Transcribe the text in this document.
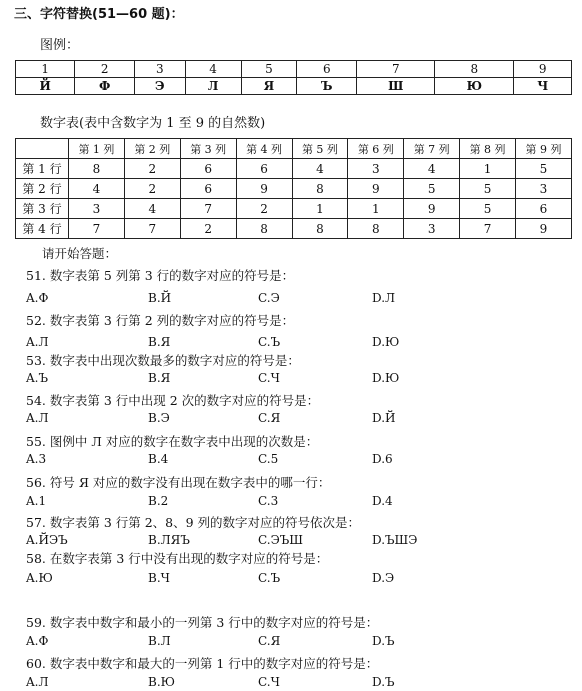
三、字符替换(51—60 题)：
图例：
1	2	3	4	5	6	7	8	9
Й	Ф	Э	Л	Я	Ъ	Ш	Ю	Ч
数字表(表中含数字为 1 至 9 的自然数)
	第 1 列	第 2 列	第 3 列	第 4 列	第 5 列	第 6 列	第 7 列	第 8 列	第 9 列
第 1 行	8	2	6	6	4	3	4	1	5
第 2 行	4	2	6	9	8	9	5	5	3
第 3 行	3	4	7	2	1	1	9	5	6
第 4 行	7	7	2	8	8	8	3	7	9
请开始答题：
51. 数字表第 5 列第 3 行的数字对应的符号是：
A.Ф	B.Й	C.Э	D.Л
52. 数字表第 3 行第 2 列的数字对应的符号是：
A.Л	B.Я	C.Ъ	D.Ю
53. 数字表中出现次数最多的数字对应的符号是：
A.Ъ	B.Я	C.Ч	D.Ю
54. 数字表第 3 行中出现 2 次的数字对应的符号是：
A.Л	B.Э	C.Я	D.Й
55. 图例中 Л 对应的数字在数字表中出现的次数是：
A.3	B.4	C.5	D.6
56. 符号 Я 对应的数字没有出现在数字表中的哪一行：
A.1	B.2	C.3	D.4
57. 数字表第 3 行第 2、8、9 列的数字对应的符号依次是：
A.ЙЭЪ	B.ЛЯЪ	C.ЭЪШ	D.ЪШЭ
58. 在数字表第 3 行中没有出现的数字对应的符号是：
A.Ю	B.Ч	C.Ъ	D.Э
59. 数字表中数字和最小的一列第 3 行中的数字对应的符号是：
A.Ф	B.Л	C.Я	D.Ъ
60. 数字表中数字和最大的一列第 1 行中的数字对应的符号是：
A.Л	B.Ю	C.Ч	D.Ъ
